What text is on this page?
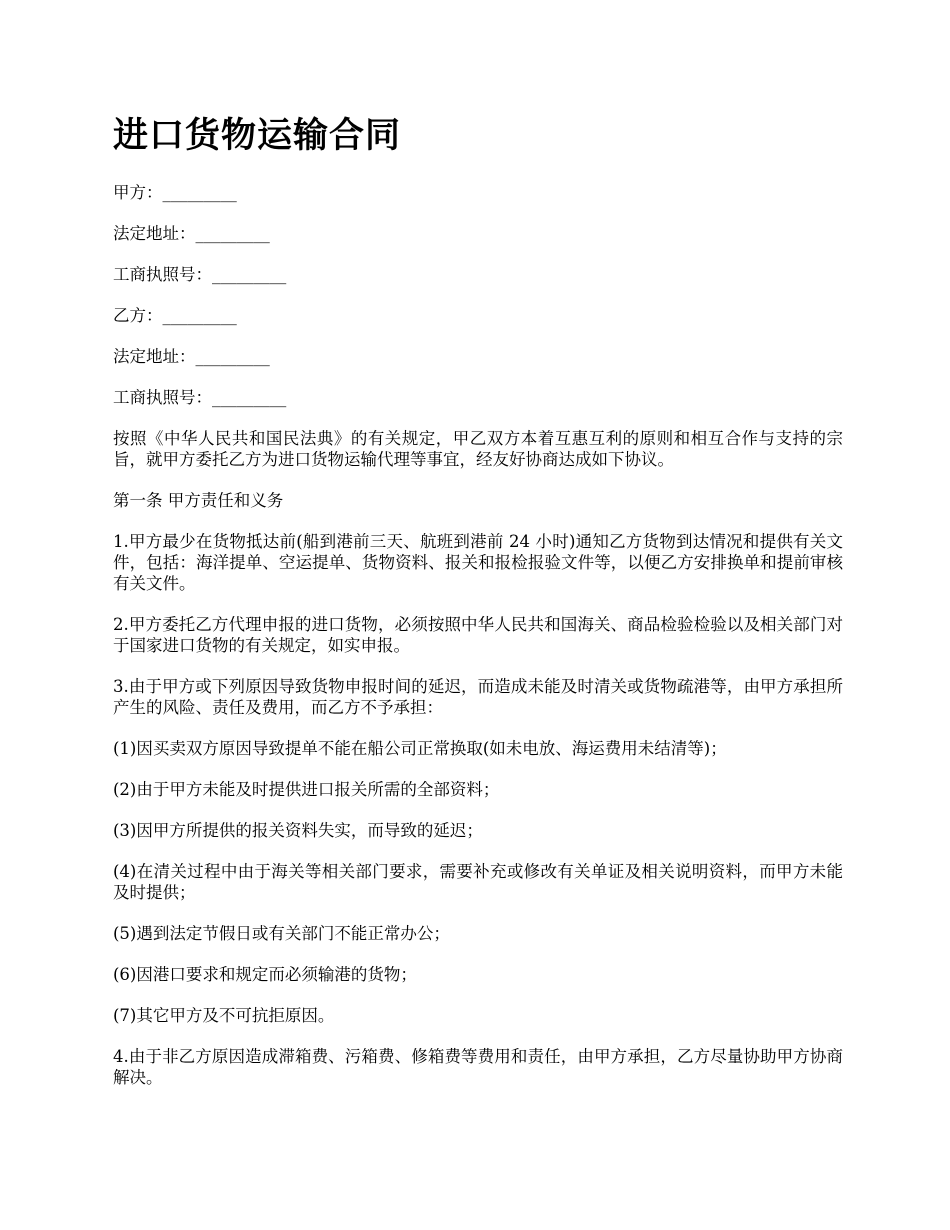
进口货物运输合同

甲方：_________

法定地址：_________

工商执照号：_________

乙方：_________

法定地址：_________

工商执照号：_________

按照《中华人民共和国民法典》的有关规定，甲乙双方本着互惠互利的原则和相互合作与支持的宗旨，就甲方委托乙方为进口货物运输代理等事宜，经友好协商达成如下协议。

第一条 甲方责任和义务

1.甲方最少在货物抵达前(船到港前三天、航班到港前 24 小时)通知乙方货物到达情况和提供有关文件，包括：海洋提单、空运提单、货物资料、报关和报检报验文件等，以便乙方安排换单和提前审核有关文件。

2.甲方委托乙方代理申报的进口货物，必须按照中华人民共和国海关、商品检验检验以及相关部门对于国家进口货物的有关规定，如实申报。

3.由于甲方或下列原因导致货物申报时间的延迟，而造成未能及时清关或货物疏港等，由甲方承担所产生的风险、责任及费用，而乙方不予承担：

(1)因买卖双方原因导致提单不能在船公司正常换取(如未电放、海运费用未结清等)；

(2)由于甲方未能及时提供进口报关所需的全部资料；

(3)因甲方所提供的报关资料失实，而导致的延迟；

(4)在清关过程中由于海关等相关部门要求，需要补充或修改有关单证及相关说明资料，而甲方未能及时提供；

(5)遇到法定节假日或有关部门不能正常办公；

(6)因港口要求和规定而必须输港的货物；

(7)其它甲方及不可抗拒原因。

4.由于非乙方原因造成滞箱费、污箱费、修箱费等费用和责任，由甲方承担，乙方尽量协助甲方协商解决。
